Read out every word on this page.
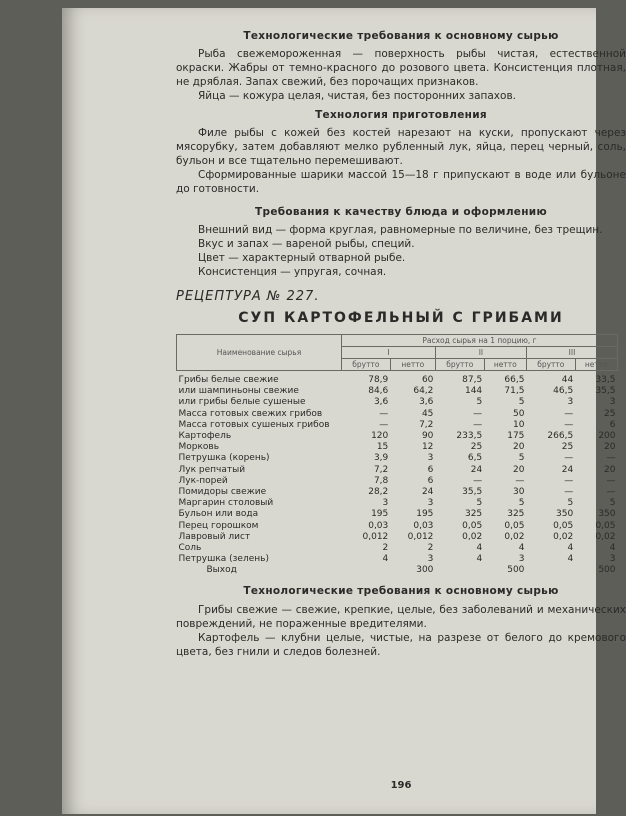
Технологические требования к основному сырью

Рыба свежемороженная — поверхность рыбы чистая, естественной окраски. Жабры от темно-красного до розового цвета. Консистенция плотная, не дряблая. Запах свежий, без порочащих признаков.

Яйца — кожура целая, чистая, без посторонних запахов.

Технология приготовления

Филе рыбы с кожей без костей нарезают на куски, пропускают через мясорубку, затем добавляют мелко рубленный лук, яйца, перец черный, соль, бульон и все тщательно перемешивают.

Сформированные шарики массой 15—18 г припускают в воде или бульоне до готовности.

Требования к качеству блюда и оформлению

Внешний вид — форма круглая, равномерные по величине, без трещин.

Вкус и запах — вареной рыбы, специй.

Цвет — характерный отварной рыбе.

Консистенция — упругая, сочная.

РЕЦЕПТУРА № 227.

СУП КАРТОФЕЛЬНЫЙ С ГРИБАМИ

Наименование сырья	Расход сырья на 1 порцию, г					
	I		II		III	
	брутто	нетто	брутто	нетто	брутто	нетто

Грибы белые свежие	78,9	60	87,5	66,5	44	33,5
или шампиньоны свежие	84,6	64,2	144	71,5	46,5	35,5
или грибы белые сушеные	3,6	3,6	5	5	3	3
Масса готовых свежих грибов	—	45	—	50	—	25
Масса готовых сушеных грибов	—	7,2	—	10	—	6
Картофель	120	90	233,5	175	266,5	200
Морковь	15	12	25	20	25	20
Петрушка (корень)	3,9	3	6,5	5	—	—
Лук репчатый	7,2	6	24	20	24	20
Лук-порей	7,8	6	—	—	—	—
Помидоры свежие	28,2	24	35,5	30	—	—
Маргарин столовый	3	3	5	5	5	5
Бульон или вода	195	195	325	325	350	350
Перец горошком	0,03	0,03	0,05	0,05	0,05	0,05
Лавровый лист	0,012	0,012	0,02	0,02	0,02	0,02
Соль	2	2	4	4	4	4
Петрушка (зелень)	4	3	4	3	4	3
Выход		300		500		500

Технологические требования к основному сырью

Грибы свежие — свежие, крепкие, целые, без заболеваний и механических повреждений, не пораженные вредителями.

Картофель — клубни целые, чистые, на разрезе от белого до кремового цвета, без гнили и следов болезней.

196
